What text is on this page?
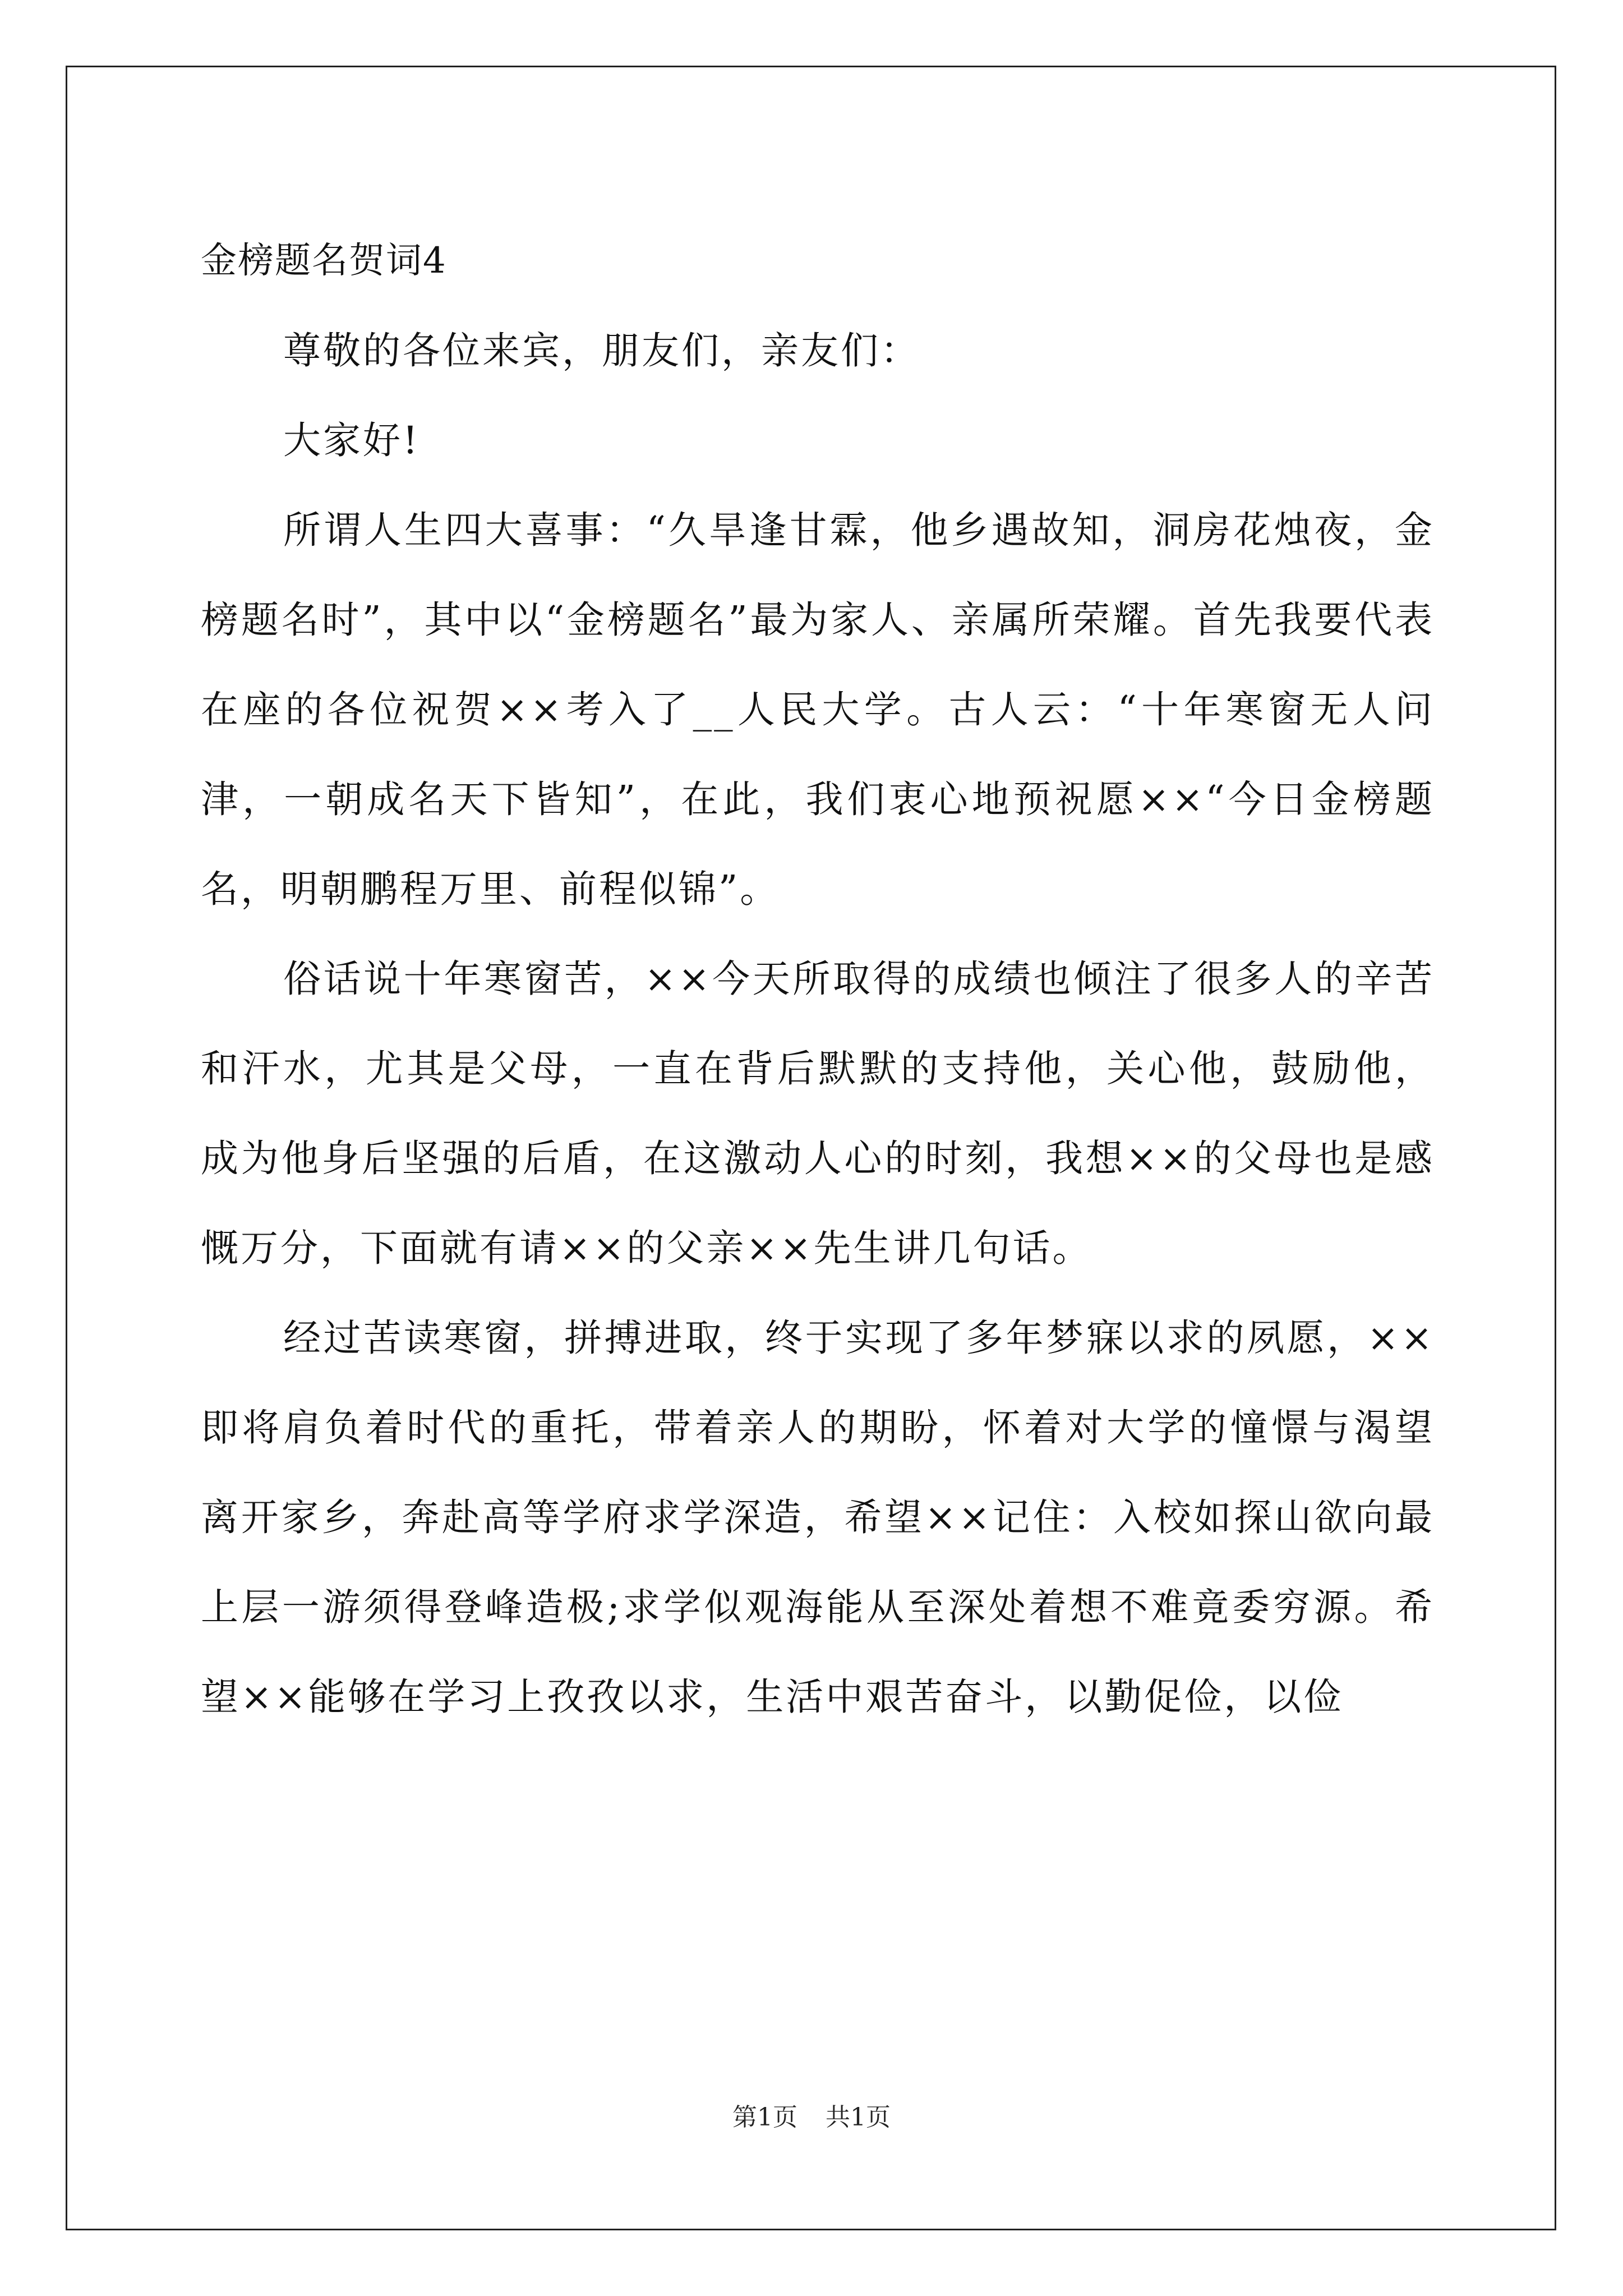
金榜题名贺词4

尊敬的各位来宾，朋友们，亲友们：

大家好!

所谓人生四大喜事：“久旱逢甘霖，他乡遇故知，洞房花烛夜，金榜题名时”，其中以“金榜题名”最为家人、亲属所荣耀。首先我要代表在座的各位祝贺××考入了__人民大学。古人云：“十年寒窗无人问津，一朝成名天下皆知”，在此，我们衷心地预祝愿××“今日金榜题名，明朝鹏程万里、前程似锦”。

俗话说十年寒窗苦，××今天所取得的成绩也倾注了很多人的辛苦和汗水，尤其是父母，一直在背后默默的支持他，关心他，鼓励他，成为他身后坚强的后盾，在这激动人心的时刻，我想××的父母也是感慨万分，下面就有请××的父亲××先生讲几句话。

经过苦读寒窗，拼搏进取，终于实现了多年梦寐以求的夙愿，××即将肩负着时代的重托，带着亲人的期盼，怀着对大学的憧憬与渴望离开家乡，奔赴高等学府求学深造，希望××记住：入校如探山欲向最上层一游须得登峰造极;求学似观海能从至深处着想不难竟委穷源。希望××能够在学习上孜孜以求，生活中艰苦奋斗，以勤促俭，以俭

第1页 共1页
